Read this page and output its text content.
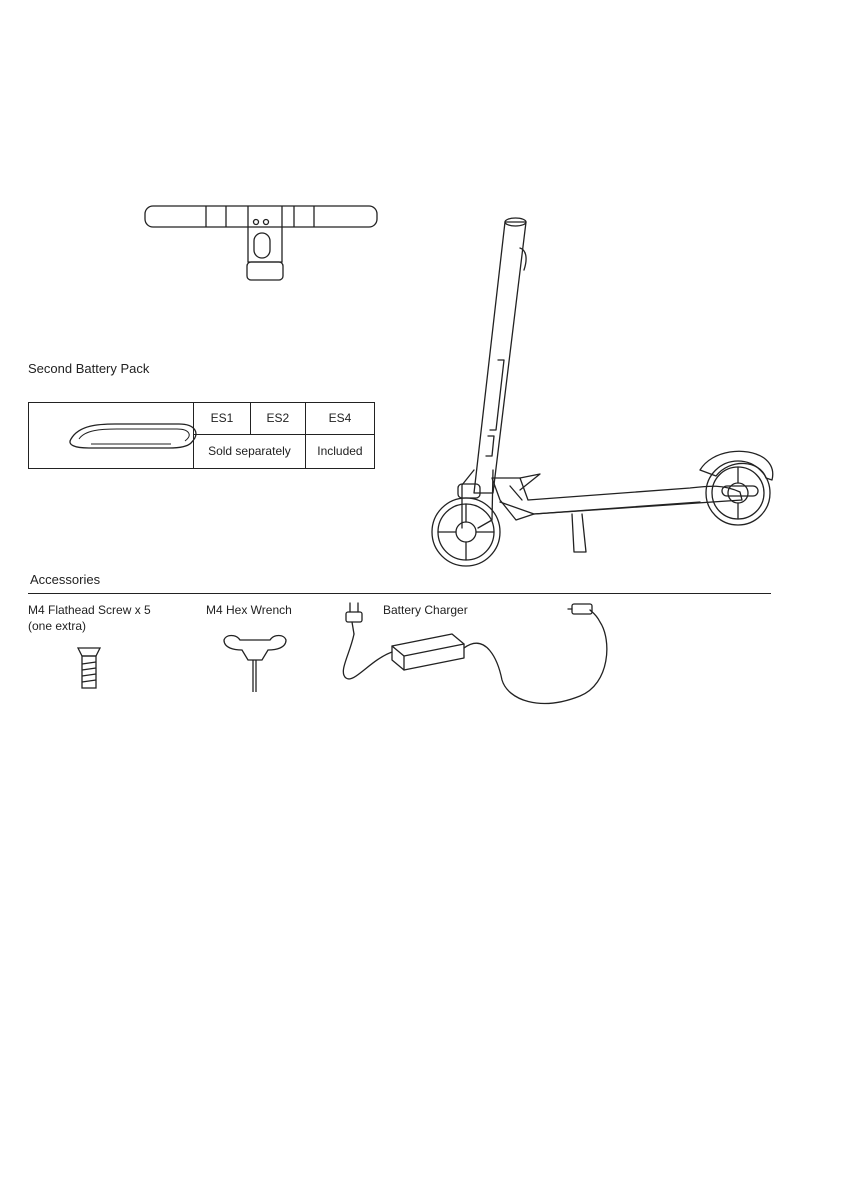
Second Battery Pack
	ES1	ES2	ES4
	Sold separately		Included
Accessories
M4 Flathead Screw x 5
(one extra)
M4 Hex Wrench	Battery Charger
